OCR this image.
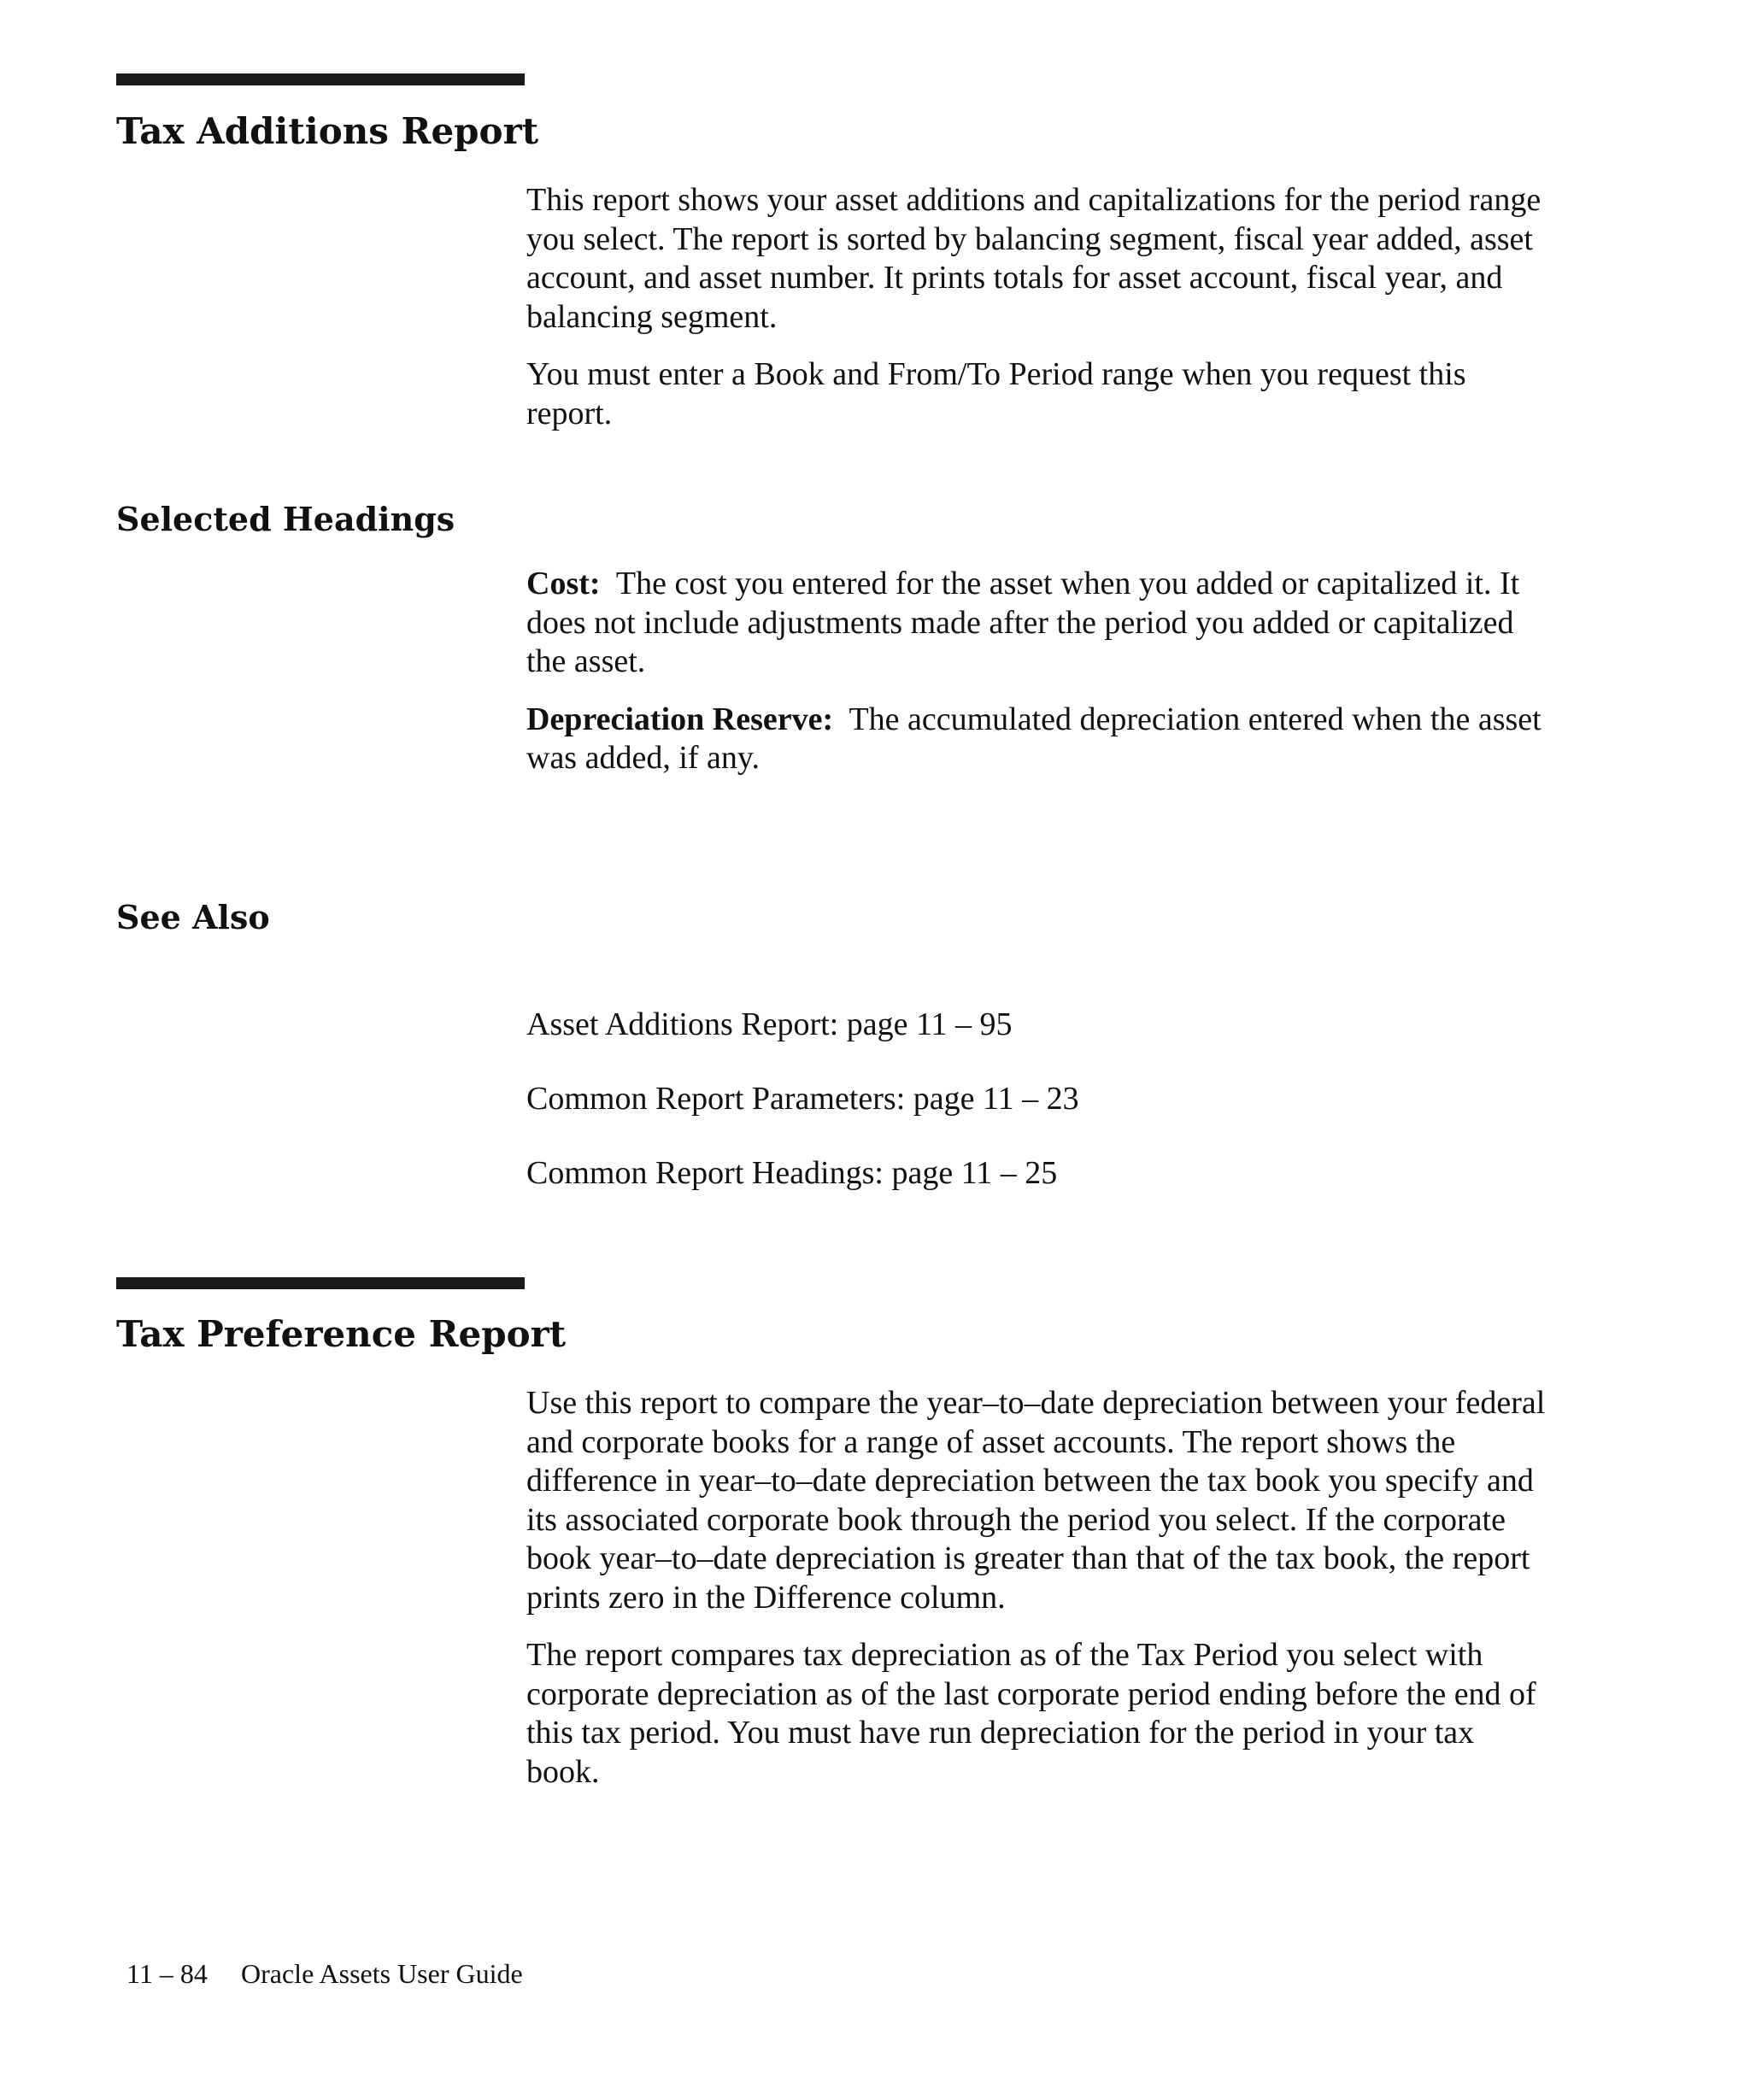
Tax Additions Report

This report shows your asset additions and capitalizations for the period range you select. The report is sorted by balancing segment, fiscal year added, asset account, and asset number. It prints totals for asset account, fiscal year, and balancing segment.

You must enter a Book and From/To Period range when you request this report.

Selected Headings

Cost: The cost you entered for the asset when you added or capitalized it. It does not include adjustments made after the period you added or capitalized the asset.

Depreciation Reserve: The accumulated depreciation entered when the asset was added, if any.

See Also

Asset Additions Report: page 11 – 95

Common Report Parameters: page 11 – 23

Common Report Headings: page 11 – 25

Tax Preference Report

Use this report to compare the year–to–date depreciation between your federal and corporate books for a range of asset accounts. The report shows the difference in year–to–date depreciation between the tax book you specify and its associated corporate book through the period you select. If the corporate book year–to–date depreciation is greater than that of the tax book, the report prints zero in the Difference column.

The report compares tax depreciation as of the Tax Period you select with corporate depreciation as of the last corporate period ending before the end of this tax period. You must have run depreciation for the period in your tax book.

11 – 84 Oracle Assets User Guide
